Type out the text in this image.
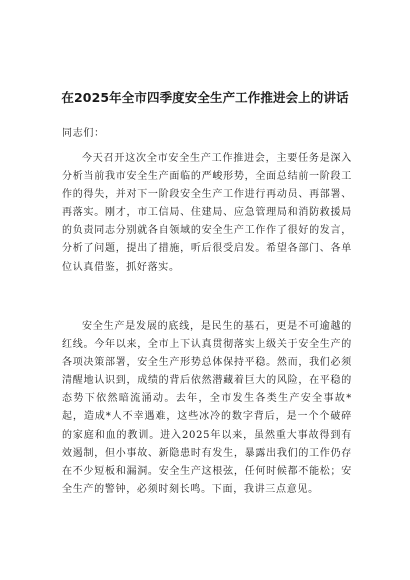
在2025年全市四季度安全生产工作推进会上的讲话
同志们：

今天召开这次全市安全生产工作推进会，主要任务是深入分析当前我市安全生产面临的严峻形势，全面总结前一阶段工作的得失，并对下一阶段安全生产工作进行再动员、再部署、再落实。刚才，市工信局、住建局、应急管理局和消防救援局的负责同志分别就各自领域的安全生产工作作了很好的发言，分析了问题，提出了措施，听后很受启发。希望各部门、各单位认真借鉴，抓好落实。

安全生产是发展的底线，是民生的基石，更是不可逾越的红线。今年以来，全市上下认真贯彻落实上级关于安全生产的各项决策部署，安全生产形势总体保持平稳。然而，我们必须清醒地认识到，成绩的背后依然潜藏着巨大的风险，在平稳的态势下依然暗流涌动。去年，全市发生各类生产安全事故*起，造成*人不幸遇难，这些冰冷的数字背后，是一个个破碎的家庭和血的教训。进入2025年以来，虽然重大事故得到有效遏制，但小事故、新隐患时有发生，暴露出我们的工作仍存在不少短板和漏洞。安全生产这根弦，任何时候都不能松；安全生产的警钟，必须时刻长鸣。下面，我讲三点意见。
